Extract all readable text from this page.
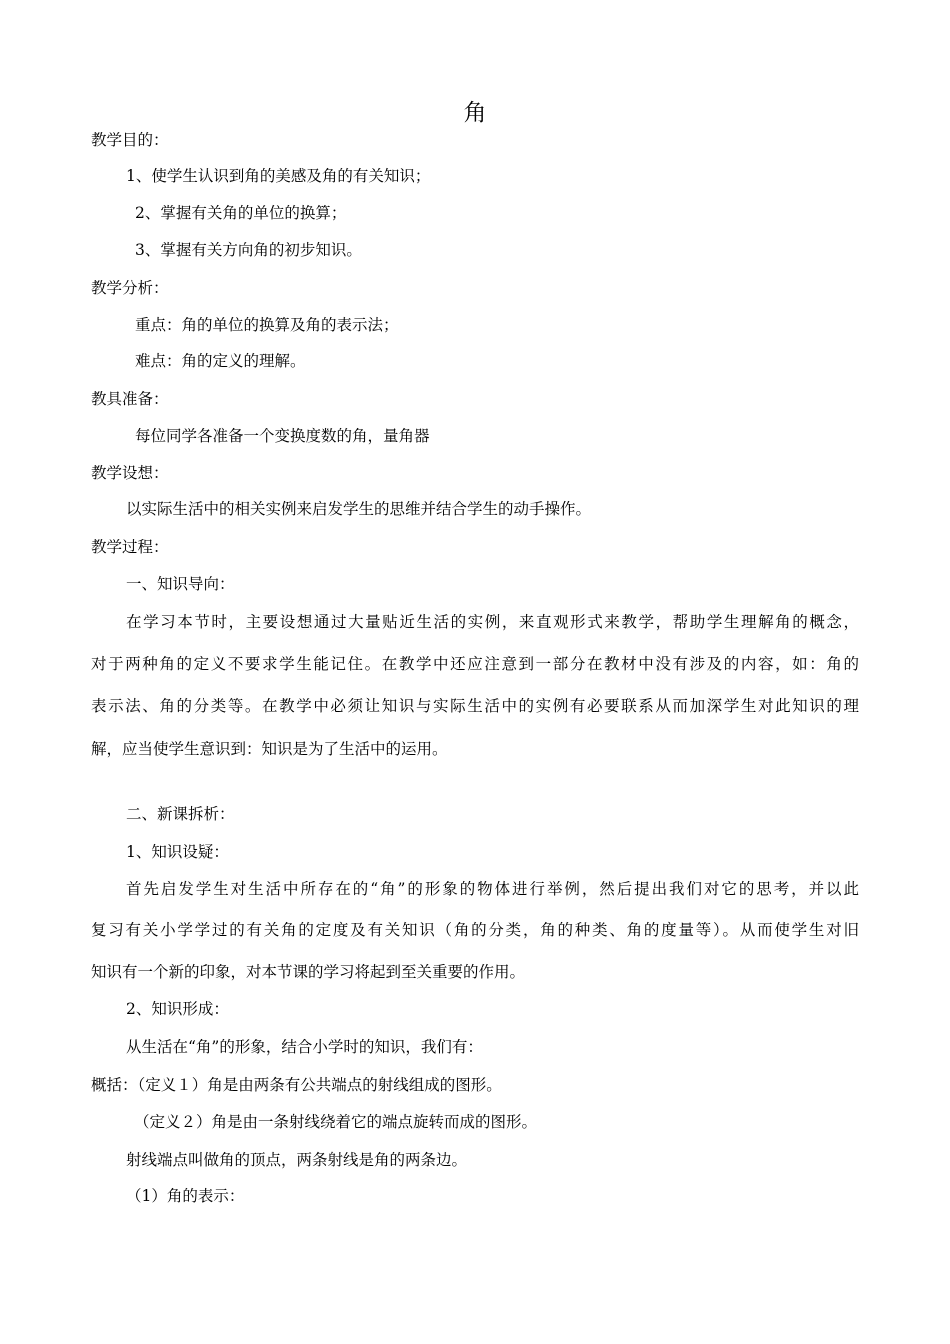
角
教学目的：
1、使学生认识到角的美感及角的有关知识；
2、掌握有关角的单位的换算；
3、掌握有关方向角的初步知识。
教学分析：
重点：角的单位的换算及角的表示法；
难点：角的定义的理解。
教具准备：
每位同学各准备一个变换度数的角，量角器
教学设想：
以实际生活中的相关实例来启发学生的思维并结合学生的动手操作。
教学过程：
一、知识导向：
在学习本节时，主要设想通过大量贴近生活的实例，来直观形式来教学，帮助学生理解角的概念，
对于两种角的定义不要求学生能记住。在教学中还应注意到一部分在教材中没有涉及的内容，如：角的
表示法、角的分类等。在教学中必须让知识与实际生活中的实例有必要联系从而加深学生对此知识的理
解，应当使学生意识到：知识是为了生活中的运用。
二、新课拆析：
1、知识设疑：
首先启发学生对生活中所存在的“角”的形象的物体进行举例，然后提出我们对它的思考，并以此
复习有关小学学过的有关角的定度及有关知识（角的分类，角的种类、角的度量等）。从而使学生对旧
知识有一个新的印象，对本节课的学习将起到至关重要的作用。
2、知识形成：
从生活在“角”的形象，结合小学时的知识，我们有：
概括：（定义１）角是由两条有公共端点的射线组成的图形。
（定义２）角是由一条射线绕着它的端点旋转而成的图形。
射线端点叫做角的顶点，两条射线是角的两条边。
（1）角的表示：
